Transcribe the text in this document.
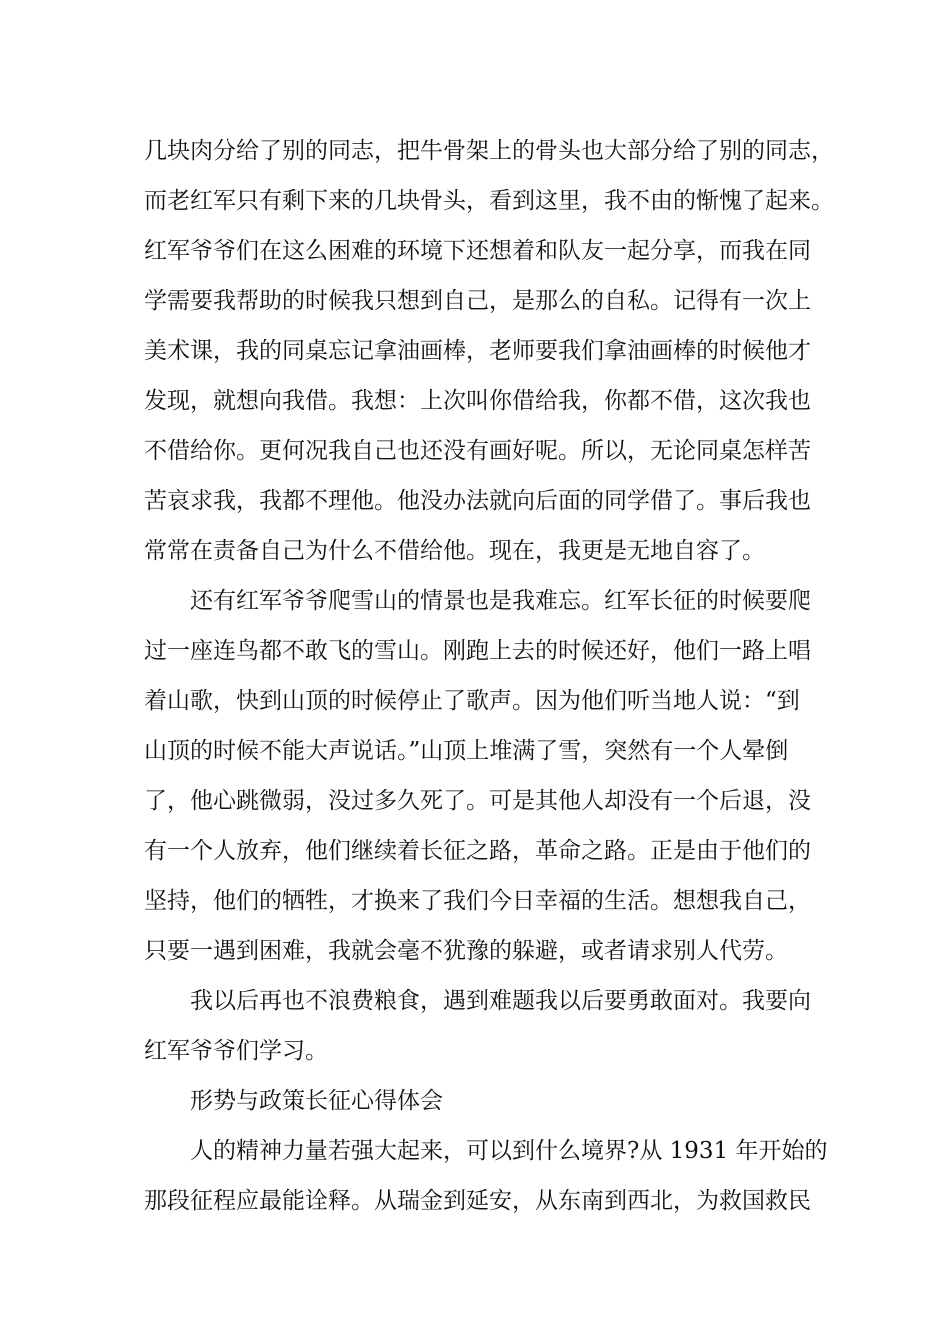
几块肉分给了别的同志，把牛骨架上的骨头也大部分给了别的同志，
而老红军只有剩下来的几块骨头，看到这里，我不由的惭愧了起来。
红军爷爷们在这么困难的环境下还想着和队友一起分享，而我在同
学需要我帮助的时候我只想到自己，是那么的自私。记得有一次上
美术课，我的同桌忘记拿油画棒，老师要我们拿油画棒的时候他才
发现，就想向我借。我想：上次叫你借给我，你都不借，这次我也
不借给你。更何况我自己也还没有画好呢。所以，无论同桌怎样苦
苦哀求我，我都不理他。他没办法就向后面的同学借了。事后我也
常常在责备自己为什么不借给他。现在，我更是无地自容了。
还有红军爷爷爬雪山的情景也是我难忘。红军长征的时候要爬
过一座连鸟都不敢飞的雪山。刚跑上去的时候还好，他们一路上唱
着山歌，快到山顶的时候停止了歌声。因为他们听当地人说：“到
山顶的时候不能大声说话。”山顶上堆满了雪，突然有一个人晕倒
了，他心跳微弱，没过多久死了。可是其他人却没有一个后退，没
有一个人放弃，他们继续着长征之路，革命之路。正是由于他们的
坚持，他们的牺牲，才换来了我们今日幸福的生活。想想我自己，
只要一遇到困难，我就会毫不犹豫的躲避，或者请求别人代劳。
我以后再也不浪费粮食，遇到难题我以后要勇敢面对。我要向
红军爷爷们学习。
形势与政策长征心得体会
人的精神力量若强大起来，可以到什么境界?从 1931 年开始的
那段征程应最能诠释。从瑞金到延安，从东南到西北，为救国救民
